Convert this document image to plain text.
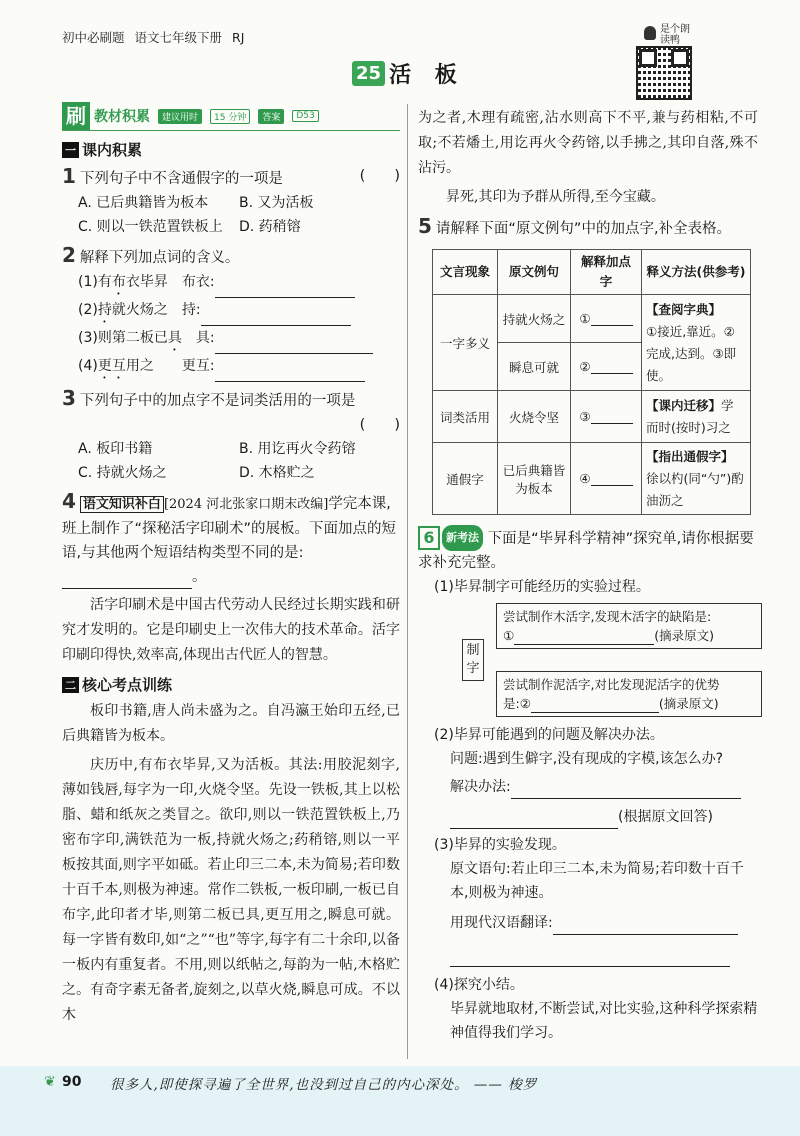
初中必刷题 语文七年级下册 RJ
是个朗读鸭
25 活 板
刷 教材积累	建议用时	15 分钟	答案	D53
一 课内积累
1 下列句子中不含通假字的一项是	(　　)
A. 已后典籍皆为板本	B. 又为活板
C. 则以一铁范置铁板上	D. 药稍镕
2 解释下列加点词的含义。
(1)有布衣毕昇　布衣:
(2)持就火炀之　持:
(3)则第二板已具　具:
(4)更互用之　　更互:
3 下列句子中的加点字不是词类活用的一项是
(　　)
A. 板印书籍	B. 用讫再火令药镕
C. 持就火炀之	D. 木格贮之
4 语文知识补白 [2024 河北张家口期末改编]学完本课,班上制作了“探秘活字印刷术”的展板。下面加点的短语,与其他两个短语结构类型不同的是:。
活字印刷术是中国古代劳动人民经过长期实践和研究才发明的。它是印刷史上一次伟大的技术革命。活字印刷印得快,效率高,体现出古代匠人的智慧。
二 核心考点训练
板印书籍,唐人尚未盛为之。自冯瀛王始印五经,已后典籍皆为板本。
庆历中,有布衣毕昇,又为活板。其法:用胶泥刻字,薄如钱唇,每字为一印,火烧令坚。先设一铁板,其上以松脂、蜡和纸灰之类冒之。欲印,则以一铁范置铁板上,乃密布字印,满铁范为一板,持就火炀之;药稍镕,则以一平板按其面,则字平如砥。若止印三二本,未为简易;若印数十百千本,则极为神速。常作二铁板,一板印刷,一板已自布字,此印者才毕,则第二板已具,更互用之,瞬息可就。每一字皆有数印,如“之”“也”等字,每字有二十余印,以备一板内有重复者。不用,则以纸帖之,每韵为一帖,木格贮之。有奇字素无备者,旋刻之,以草火烧,瞬息可成。不以木
为之者,木理有疏密,沾水则高下不平,兼与药相粘,不可取;不若燔土,用讫再火令药镕,以手拂之,其印自落,殊不沾污。
昇死,其印为予群从所得,至今宝藏。
5 请解释下面“原文例句”中的加点字,补全表格。
文言现象	原文例句	解释加点字	释义方法(供参考)
一字多义	持就火炀之	①	【查阅字典】
①接近,靠近。②完成,达到。③即使。

	瞬息可就	②	
词类活用	火烧令坚	③	【课内迁移】学而时(按时)习之
通假字	已后典籍皆为板本	④	【指出通假字】
徐以杓(同“勺”)酌油沥之
6	新考法 下面是“毕昇科学精神”探究单,请你根据要求补充完整。
(1)毕昇制字可能经历的实验过程。
制字
尝试制作木活字,发现木活字的缺陷是:
①	(摘录原文)
尝试制作泥活字,对比发现泥活字的优势
是:②	(摘录原文)
(2)毕昇可能遇到的问题及解决办法。
问题:遇到生僻字,没有现成的字模,该怎么办?
解决办法:
(根据原文回答)
(3)毕昇的实验发现。
原文语句:若止印三二本,未为简易;若印数十百千本,则极为神速。
用现代汉语翻译:
(4)探究小结。
毕昇就地取材,不断尝试,对比实验,这种科学探索精神值得我们学习。
❦ 90 很多人,即使探寻遍了全世界,也没到过自己的内心深处。 —— 梭罗
